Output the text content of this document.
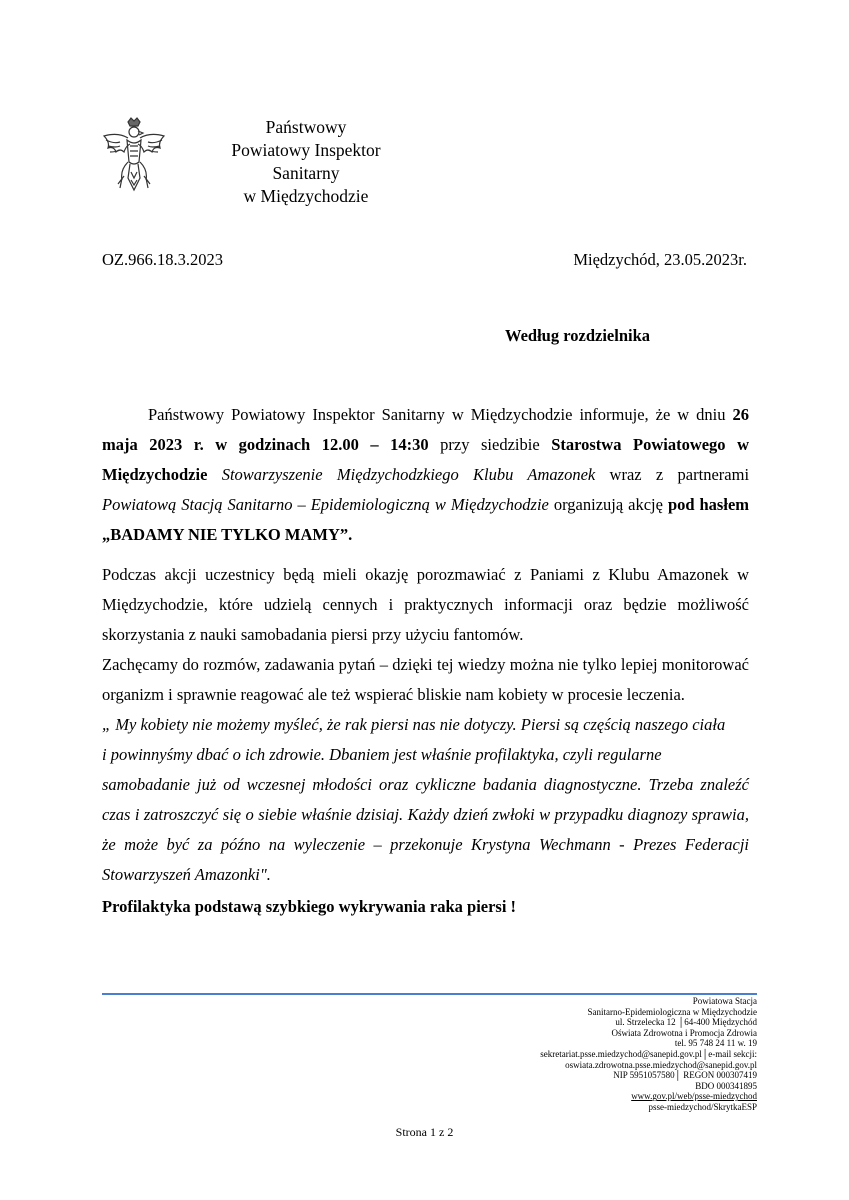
Państwowy
Powiatowy Inspektor
Sanitarny
w Międzychodzie
OZ.966.18.3.2023	Międzychód, 23.05.2023r.
Według rozdzielnika

Państwowy Powiatowy Inspektor Sanitarny w Międzychodzie informuje, że w dniu 26 maja 2023 r. w godzinach 12.00 – 14:30 przy siedzibie Starostwa Powiatowego w Międzychodzie Stowarzyszenie Międzychodzkiego Klubu Amazonek wraz z partnerami Powiatową Stacją Sanitarno – Epidemiologiczną w Międzychodzie organizują akcję pod hasłem „BADAMY NIE TYLKO MAMY”.

Podczas akcji uczestnicy będą mieli okazję porozmawiać z Paniami z Klubu Amazonek w Międzychodzie, które udzielą cennych i praktycznych informacji oraz będzie możliwość skorzystania z nauki samobadania piersi przy użyciu fantomów.

Zachęcamy do rozmów, zadawania pytań – dzięki tej wiedzy można nie tylko lepiej monitorować organizm i sprawnie reagować ale też wspierać bliskie nam kobiety w procesie leczenia.

„ My kobiety nie możemy myśleć, że rak piersi nas nie dotyczy. Piersi są częścią naszego ciała
i powinnyśmy dbać o ich zdrowie. Dbaniem jest właśnie profilaktyka, czyli regularne
samobadanie już od wczesnej młodości oraz cykliczne badania diagnostyczne. Trzeba znaleźć czas i zatroszczyć się o siebie właśnie dzisiaj. Każdy dzień zwłoki w przypadku diagnozy sprawia, że może być za późno na wyleczenie – przekonuje Krystyna Wechmann - Prezes Federacji Stowarzyszeń Amazonki".

Profilaktyka podstawą szybkiego wykrywania raka piersi !

Powiatowa Stacja
Sanitarno-Epidemiologiczna w Międzychodzie
ul. Strzelecka 12 │64-400 Międzychód
Oświata Zdrowotna i Promocja Zdrowia
tel. 95 748 24 11 w. 19
sekretariat.psse.miedzychod@sanepid.gov.pl│e-mail sekcji:
oswiata.zdrowotna.psse.miedzychod@sanepid.gov.pl
NIP 5951057580│ REGON 000307419
BDO 000341895
www.gov.pl/web/psse-miedzychod
psse-miedzychod/SkrytkaESP
Strona 1 z 2
